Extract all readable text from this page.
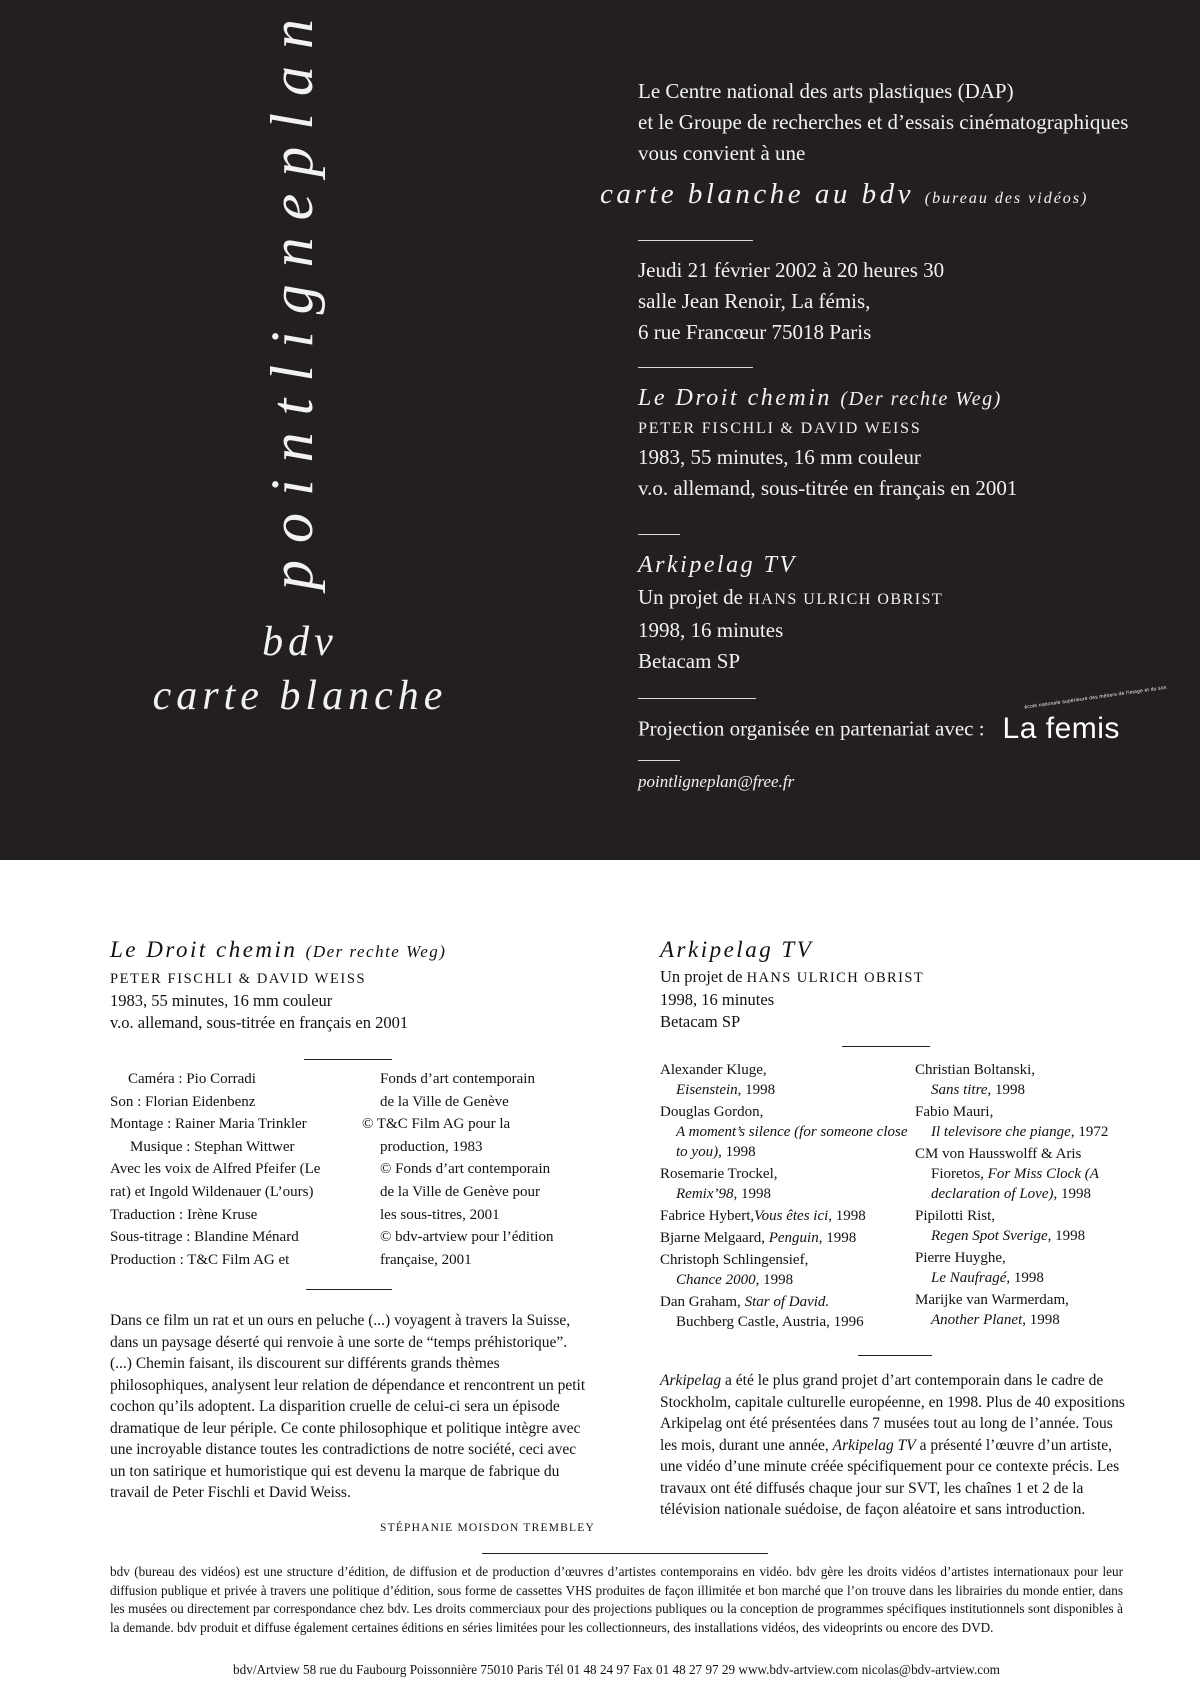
pointligneplan
bdv
carte blanche
Le Centre national des arts plastiques (DAP)
et le Groupe de recherches et d’essais cinématographiques
vous convient à une
carte blanche au bdv (bureau des vidéos)
Jeudi 21 février 2002 à 20 heures 30
salle Jean Renoir, La fémis,
6 rue Francœur 75018 Paris
Le Droit chemin (Der rechte Weg)
PETER FISCHLI & DAVID WEISS
1983, 55 minutes, 16 mm couleur
v.o. allemand, sous-titrée en français en 2001
Arkipelag TV
Un projet de HANS ULRICH OBRIST
1998, 16 minutes
Betacam SP
Projection organisée en partenariat avec : La femis
école nationale supérieure des métiers de l'image et du son
pointligneplan@free.fr
Le Droit chemin (Der rechte Weg)
PETER FISCHLI & DAVID WEISS
1983, 55 minutes, 16 mm couleur
v.o. allemand, sous-titrée en français en 2001
Caméra : Pio Corradi
Son : Florian Eidenbenz
Montage : Rainer Maria Trinkler
Musique : Stephan Wittwer
Avec les voix de Alfred Pfeifer (Le
rat) et Ingold Wildenauer (L’ours)
Traduction : Irène Kruse
Sous-titrage : Blandine Ménard
Production : T&C Film AG et
Fonds d’art contemporain
de la Ville de Genève
© T&C Film AG pour la
production, 1983
© Fonds d’art contemporain
de la Ville de Genève pour
les sous-titres, 2001
© bdv-artview pour l’édition
française, 2001
Dans ce film un rat et un ours en peluche (...) voyagent à travers la Suisse, dans un paysage déserté qui renvoie à une sorte de “temps préhistorique”. (...) Chemin faisant, ils discourent sur différents grands thèmes philosophiques, analysent leur relation de dépendance et rencontrent un petit cochon qu’ils adoptent. La disparition cruelle de celui-ci sera un épisode dramatique de leur périple. Ce conte philosophique et politique intègre avec une incroyable distance toutes les contradictions de notre société, ceci avec un ton satirique et humoristique qui est devenu la marque de fabrique du travail de Peter Fischli et David Weiss.
STÉPHANIE MOISDON TREMBLEY
Arkipelag TV
Un projet de HANS ULRICH OBRIST
1998, 16 minutes
Betacam SP
Alexander Kluge,
Eisenstein, 1998
Douglas Gordon,
A moment’s silence (for someone close to you), 1998
Rosemarie Trockel,
Remix’98, 1998
Fabrice Hybert,Vous êtes ici, 1998
Bjarne Melgaard, Penguin, 1998
Christoph Schlingensief,
Chance 2000, 1998
Dan Graham, Star of David.
Buchberg Castle, Austria, 1996
Christian Boltanski,
Sans titre, 1998
Fabio Mauri,
Il televisore che piange, 1972
CM von Hausswolff & Aris
Fioretos, For Miss Clock (A declaration of Love), 1998
Pipilotti Rist,
Regen Spot Sverige, 1998
Pierre Huyghe,
Le Naufragé, 1998
Marijke van Warmerdam,
Another Planet, 1998
Arkipelag a été le plus grand projet d’art contemporain dans le cadre de Stockholm, capitale culturelle européenne, en 1998. Plus de 40 expositions Arkipelag ont été présentées dans 7 musées tout au long de l’année. Tous les mois, durant une année, Arkipelag TV a présenté l’œuvre d’un artiste, une vidéo d’une minute créée spécifiquement pour ce contexte précis. Les travaux ont été diffusés chaque jour sur SVT, les chaînes 1 et 2 de la télévision nationale suédoise, de façon aléatoire et sans introduction.
bdv (bureau des vidéos) est une structure d’édition, de diffusion et de production d’œuvres d’artistes contemporains en vidéo. bdv gère les droits vidéos d’artistes internationaux pour leur diffusion publique et privée à travers une politique d’édition, sous forme de cassettes VHS produites de façon illimitée et bon marché que l’on trouve dans les librairies du monde entier, dans les musées ou directement par correspondance chez bdv. Les droits commerciaux pour des projections publiques ou la conception de programmes spécifiques institutionnels sont disponibles à la demande. bdv produit et diffuse également certaines éditions en séries limitées pour les collectionneurs, des installations vidéos, des videoprints ou encore des DVD.
bdv/Artview 58 rue du Faubourg Poissonnière 75010 Paris Tél 01 48 24 97 Fax 01 48 27 97 29 www.bdv-artview.com nicolas@bdv-artview.com
